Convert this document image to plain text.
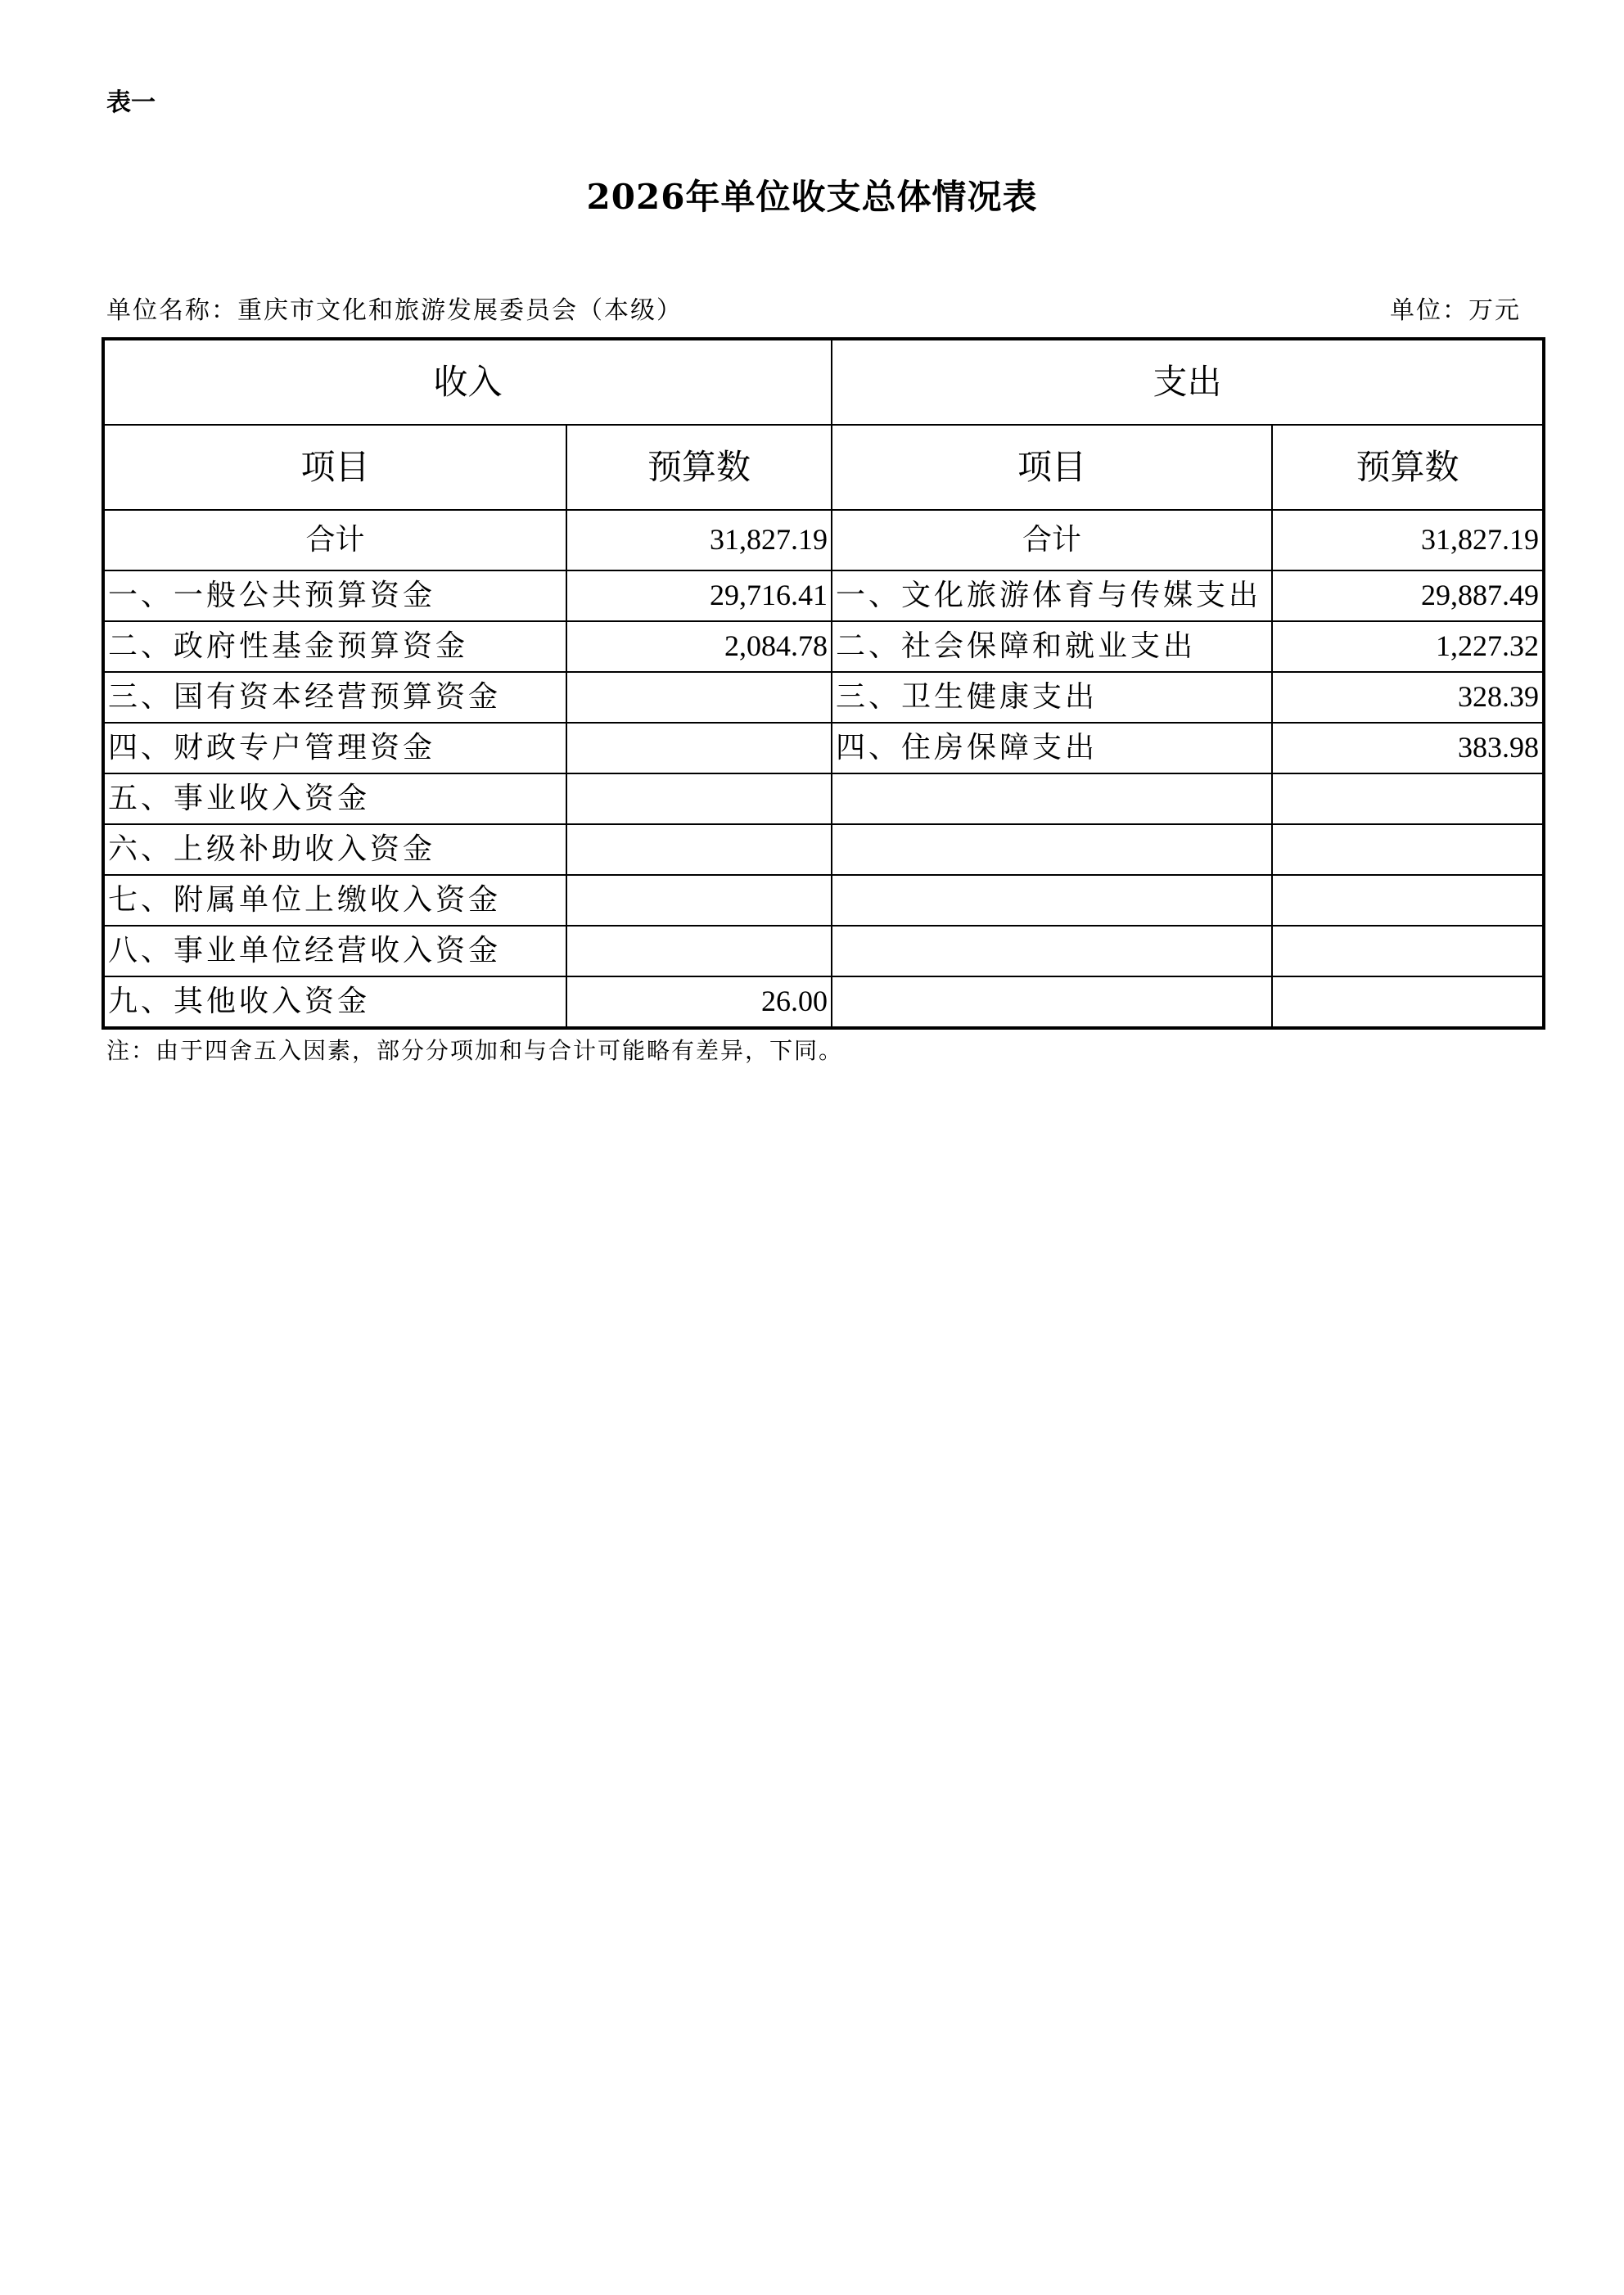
表一
2026年单位收支总体情况表
单位名称：重庆市文化和旅游发展委员会（本级）	单位：万元
收入		支出	
项目	预算数	项目	预算数
合计	31,827.19	合计	31,827.19
一、一般公共预算资金	29,716.41	一、文化旅游体育与传媒支出	29,887.49
二、政府性基金预算资金	2,084.78	二、社会保障和就业支出	1,227.32
三、国有资本经营预算资金		三、卫生健康支出	328.39
四、财政专户管理资金		四、住房保障支出	383.98
五、事业收入资金			
六、上级补助收入资金			
七、附属单位上缴收入资金			
八、事业单位经营收入资金			
九、其他收入资金	26.00		
注：由于四舍五入因素，部分分项加和与合计可能略有差异，下同。
